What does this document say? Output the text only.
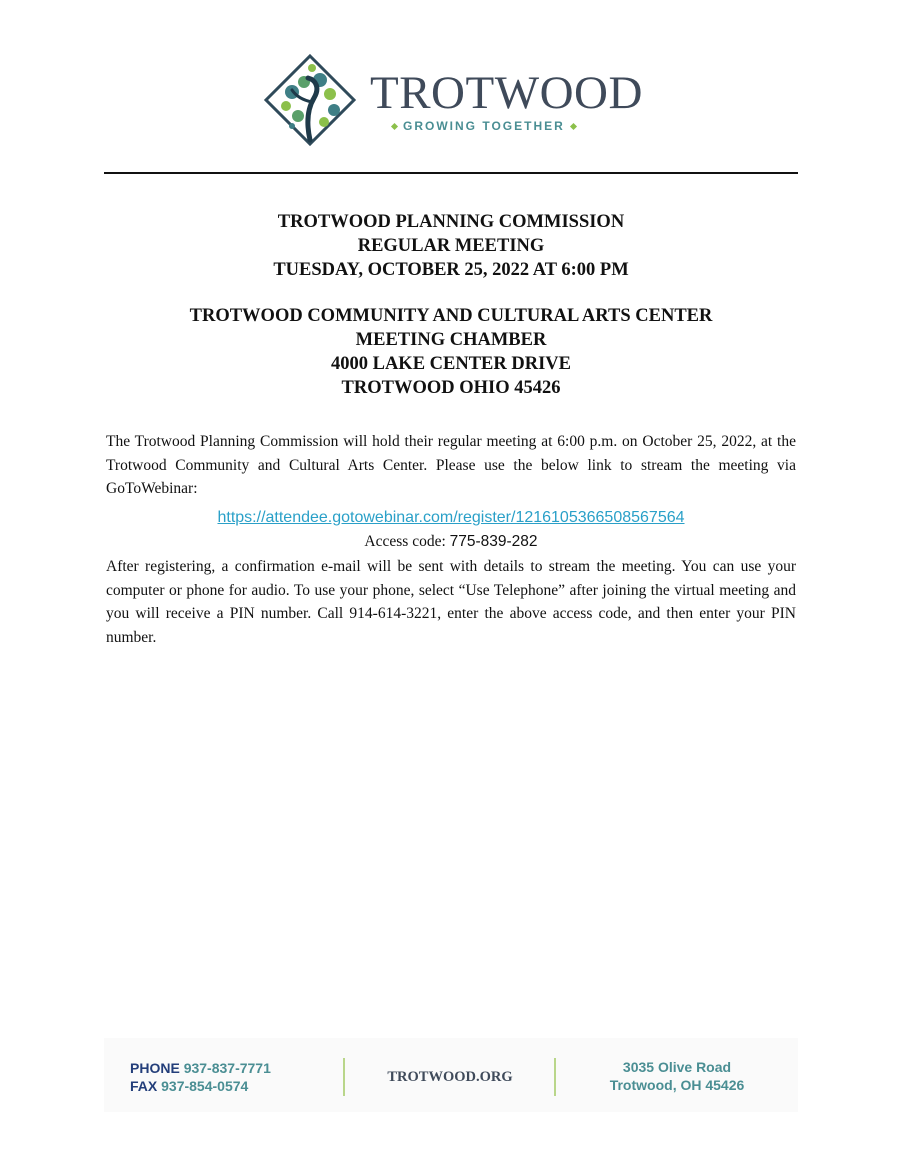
TROTWOOD
GROWING TOGETHER
TROTWOOD PLANNING COMMISSION
REGULAR MEETING
TUESDAY, OCTOBER 25, 2022 AT 6:00 PM
TROTWOOD COMMUNITY AND CULTURAL ARTS CENTER
MEETING CHAMBER
4000 LAKE CENTER DRIVE
TROTWOOD OHIO 45426
The Trotwood Planning Commission will hold their regular meeting at 6:00 p.m. on October 25, 2022, at the Trotwood Community and Cultural Arts Center. Please use the below link to stream the meeting via GoToWebinar:
https://attendee.gotowebinar.com/register/1216105366508567564
Access code: 775-839-282
After registering, a confirmation e-mail will be sent with details to stream the meeting. You can use your computer or phone for audio. To use your phone, select “Use Telephone” after joining the virtual meeting and you will receive a PIN number. Call 914-614-3221, enter the above access code, and then enter your PIN number.
PHONE 937-837-7771
FAX 937-854-0574
TROTWOOD.ORG
3035 Olive Road
Trotwood, OH 45426
